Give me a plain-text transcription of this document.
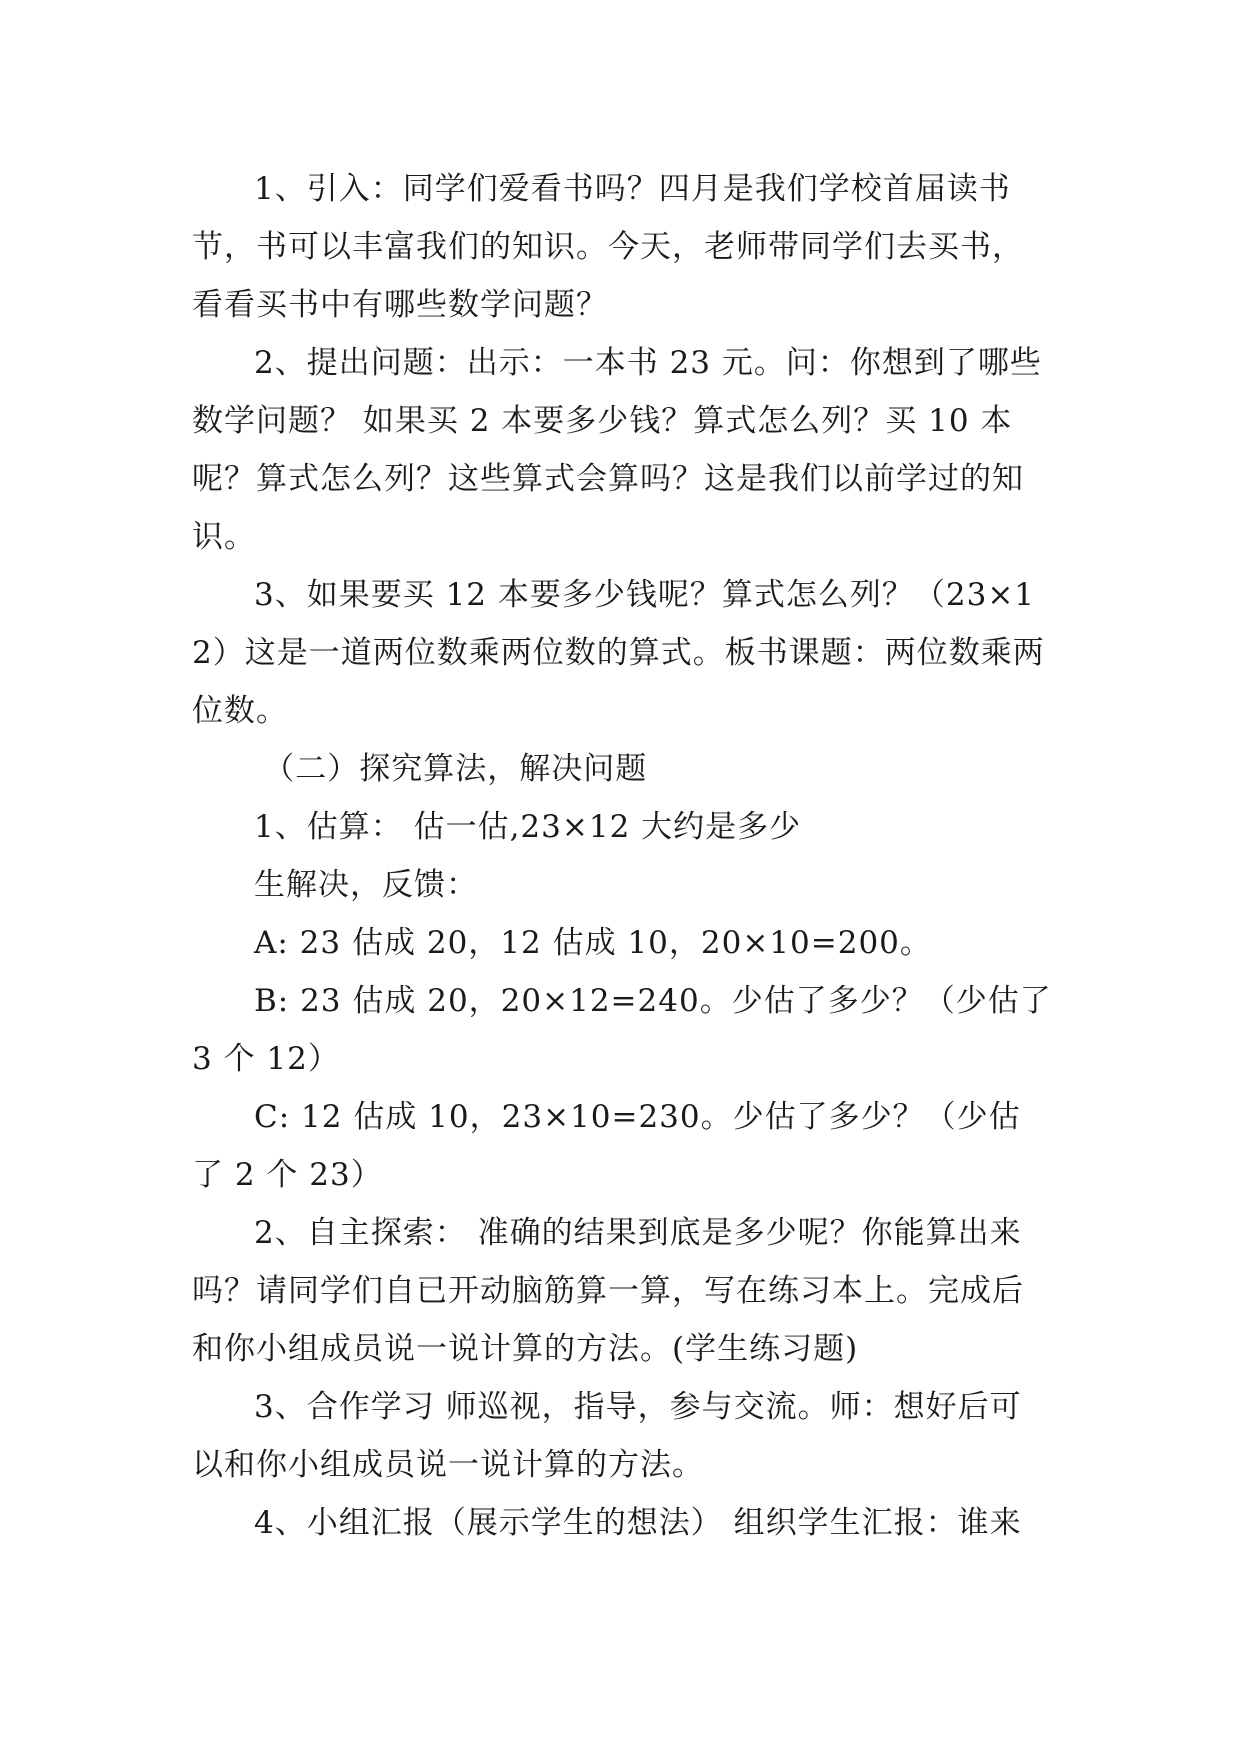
1、引入：同学们爱看书吗？四月是我们学校首届读书节，书可以丰富我们的知识。今天，老师带同学们去买书，看看买书中有哪些数学问题？

2、提出问题：出示：一本书 23 元。问：你想到了哪些数学问题？ 如果买 2 本要多少钱？算式怎么列？买 10 本呢？算式怎么列？这些算式会算吗？这是我们以前学过的知识。

3、如果要买 12 本要多少钱呢？算式怎么列？（23×12）这是一道两位数乘两位数的算式。板书课题：两位数乘两位数。

（二）探究算法，解决问题

1、估算： 估一估,23×12 大约是多少

生解决，反馈：

A: 23 估成 20，12 估成 10，20×10=200。

B: 23 估成 20，20×12=240。少估了多少？（少估了 3 个 12）

C: 12 估成 10，23×10=230。少估了多少？（少估了 2 个 23）

2、自主探索： 准确的结果到底是多少呢？你能算出来吗？请同学们自已开动脑筋算一算，写在练习本上。完成后和你小组成员说一说计算的方法。(学生练习题)

3、合作学习 师巡视，指导，参与交流。师：想好后可以和你小组成员说一说计算的方法。

4、小组汇报（展示学生的想法） 组织学生汇报：谁来
